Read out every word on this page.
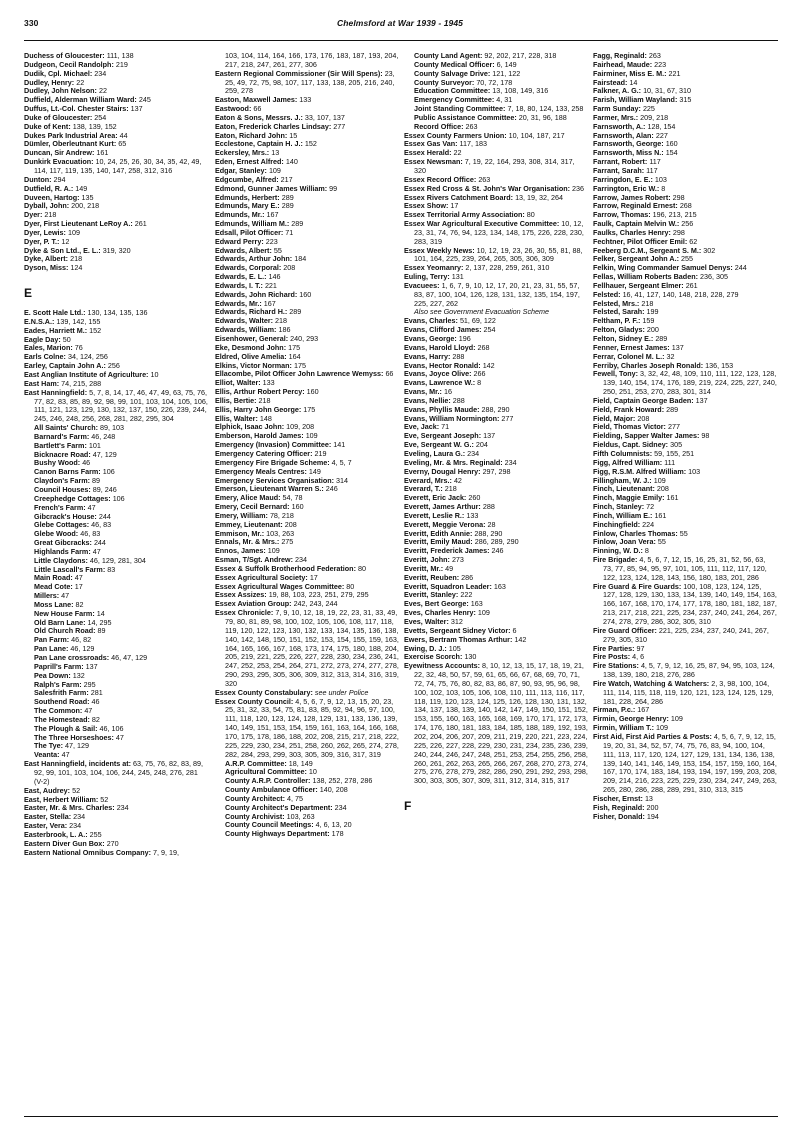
330	Chelmsford at War 1939 - 1945

Duchess of Gloucester: 111, 138

Dudgeon, Cecil Randolph: 219

Dudik, Cpl. Michael: 234

Dudley, Henry: 22

Dudley, John Nelson: 22

Duffield, Alderman William Ward: 245

Duffus, Lt.-Col. Chester Stairs: 137

Duke of Gloucester: 254

Duke of Kent: 138, 139, 152

Dukes Park Industrial Area: 44

Dümler, Oberleutnant Kurt: 65

Duncan, Sir Andrew: 161

Dunkirk Evacuation: 10, 24, 25, 26, 30, 34, 35, 42, 49, 114, 117, 119, 135, 140, 147, 258, 312, 316

Dunton: 294

Dutfield, R. A.: 149

Duveen, Hartog: 135

Dyball, John: 200, 218

Dyer: 218

Dyer, First Lieutenant LeRoy A.: 261

Dyer, Lewis: 109

Dyer, P. T.: 12

Dyke & Son Ltd., E. L.: 319, 320

Dyke, Albert: 218

Dyson, Miss: 124

E

E. Scott Hale Ltd.: 130, 134, 135, 136

E.N.S.A.: 139, 142, 155

Eades, Harriett M.: 152

Eagle Day: 50

Eales, Marion: 76

Earls Colne: 34, 124, 256

Earley, Captain John A.: 256

East Anglian Institute of Agriculture: 10

East Ham: 74, 215, 288

East Hanningfield: 5, 7, 8, 14, 17, 46, 47, 49, 63, 75, 76, 77, 82, 83, 85, 89, 92, 98, 99, 101, 103, 104, 105, 106, 111, 121, 123, 129, 130, 132, 137, 150, 226, 239, 244, 245, 246, 248, 256, 268, 281, 282, 295, 304

All Saints' Church: 89, 103

Barnard's Farm: 46, 248

Bartlett's Farm: 101

Bicknacre Road: 47, 129

Bushy Wood: 46

Canon Barns Farm: 106

Claydon's Farm: 89

Council Houses: 89, 246

Creephedge Cottages: 106

French's Farm: 47

Gibcrack's House: 244

Glebe Cottages: 46, 83

Glebe Wood: 46, 83

Great Gibcracks: 244

Highlands Farm: 47

Little Claydons: 46, 129, 281, 304

Little Lascall's Farm: 83

Main Road: 47

Mead Cote: 17

Millers: 47

Moss Lane: 82

New House Farm: 14

Old Barn Lane: 14, 295

Old Church Road: 89

Pan Farm: 46, 82

Pan Lane: 46, 129

Pan Lane crossroads: 46, 47, 129

Paprill's Farm: 137

Pea Down: 132

Ralph's Farm: 295

Salesfrith Farm: 281

Southend Road: 46

The Common: 47

The Homestead: 82

The Plough & Sail: 46, 106

The Three Horseshoes: 47

The Tye: 47, 129

Veanta: 47

East Hanningfield, incidents at: 63, 75, 76, 82, 83, 89, 92, 99, 101, 103, 104, 106, 244, 245, 248, 276, 281 (V-2)

East, Audrey: 52

East, Herbert William: 52

Easter, Mr. & Mrs. Charles: 234

Easter, Stella: 234

Easter, Vera: 234

Easterbrook, L. A.: 255

Eastern Diver Gun Box: 270

Eastern National Omnibus Company: 7, 9, 19,

103, 104, 114, 164, 166, 173, 176, 183, 187, 193, 204, 217, 218, 247, 261, 277, 306

Eastern Regional Commissioner (Sir Will Spens): 23, 25, 49, 72, 75, 98, 107, 117, 133, 138, 205, 216, 240, 259, 278

Easton, Maxwell James: 133

Eastwood: 66

Eaton & Sons, Messrs. J.: 33, 107, 137

Eaton, Frederick Charles Lindsay: 277

Eaton, Richard John: 15

Ecclestone, Captain H. J.: 152

Eckersley, Mrs.: 13

Eden, Ernest Alfred: 140

Edgar, Stanley: 109

Edgcumbe, Alfred: 217

Edmond, Gunner James William: 99

Edmunds, Herbert: 289

Edmunds, Mary E.: 289

Edmunds, Mr.: 167

Edmunds, William M.: 289

Edsall, Pilot Officer: 71

Edward Perry: 223

Edwards, Albert: 55

Edwards, Arthur John: 184

Edwards, Corporal: 208

Edwards, E. L.: 146

Edwards, I. T.: 221

Edwards, John Richard: 160

Edwards, Mr.: 167

Edwards, Richard H.: 289

Edwards, Walter: 218

Edwards, William: 186

Eisenhower, General: 240, 293

Eke, Desmond John: 175

Eldred, Olive Amelia: 164

Elkins, Victor Norman: 175

Ellacombe, Pilot Officer John Lawrence Wemyss: 66

Elliot, Walter: 133

Ellis, Arthur Robert Percy: 160

Ellis, Bertie: 218

Ellis, Harry John George: 175

Ellis, Walter: 148

Elphick, Isaac John: 109, 208

Emberson, Harold James: 109

Emergency (Invasion) Committee: 141

Emergency Catering Officer: 219

Emergency Fire Brigade Scheme: 4, 5, 7

Emergency Meals Centres: 149

Emergency Services Organisation: 314

Emerson, Lieutenant Warren S.: 246

Emery, Alice Maud: 54, 78

Emery, Cecil Bernard: 160

Emery, William: 78, 218

Emmey, Lieutenant: 208

Emmison, Mr.: 103, 263

Ennals, Mr. & Mrs.: 275

Ennos, James: 109

Esman, T/Sgt. Andrew: 234

Essex & Suffolk Brotherhood Federation: 80

Essex Agricultural Society: 17

Essex Agricultural Wages Committee: 80

Essex Assizes: 19, 88, 103, 223, 251, 279, 295

Essex Aviation Group: 242, 243, 244

Essex Chronicle: 7, 9, 10, 12, 18, 19, 22, 23, 31, 33, 49, 79, 80, 81, 89, 98, 100, 102, 105, 106, 108, 117, 118, 119, 120, 122, 123, 130, 132, 133, 134, 135, 136, 138, 140, 142, 148, 150, 151, 152, 153, 154, 155, 159, 163, 164, 165, 166, 167, 168, 173, 174, 175, 180, 188, 204, 205, 219, 221, 225, 226, 227, 228, 230, 234, 236, 241, 247, 252, 253, 254, 264, 271, 272, 273, 274, 277, 278, 290, 293, 295, 305, 306, 309, 312, 313, 314, 316, 319, 320

Essex County Constabulary: see under Police

Essex County Council: 4, 5, 6, 7, 9, 12, 13, 15, 20, 23, 25, 31, 32, 33, 54, 75, 81, 83, 85, 92, 94, 96, 97, 100, 111, 118, 120, 123, 124, 128, 129, 131, 133, 136, 139, 140, 149, 151, 153, 154, 159, 161, 163, 164, 166, 168, 170, 175, 178, 186, 188, 202, 208, 215, 217, 218, 222, 225, 229, 230, 234, 251, 258, 260, 262, 265, 274, 278, 282, 284, 293, 299, 303, 305, 309, 316, 317, 319

A.R.P. Committee: 18, 149

Agricultural Committee: 10

County A.R.P. Controller: 138, 252, 278, 286

County Ambulance Officer: 140, 208

County Architect: 4, 75

County Architect's Department: 234

County Archivist: 103, 263

County Council Meetings: 4, 6, 13, 20

County Highways Department: 178

County Land Agent: 92, 202, 217, 228, 318

County Medical Officer: 6, 149

County Salvage Drive: 121, 122

County Surveyor: 70, 72, 178

Education Committee: 13, 108, 149, 316

Emergency Committee: 4, 31

Joint Standing Committee: 7, 18, 80, 124, 133, 258

Public Assistance Committee: 20, 31, 96, 188

Record Office: 263

Essex County Farmers Union: 10, 104, 187, 217

Essex Gas Van: 117, 183

Essex Herald: 22

Essex Newsman: 7, 19, 22, 164, 293, 308, 314, 317, 320

Essex Record Office: 263

Essex Red Cross & St. John's War Organisation: 236

Essex Rivers Catchment Board: 13, 19, 32, 264

Essex Show: 17

Essex Territorial Army Association: 80

Essex War Agricultural Executive Committee: 10, 12, 23, 31, 74, 76, 94, 123, 134, 148, 175, 226, 228, 230, 283, 319

Essex Weekly News: 10, 12, 19, 23, 26, 30, 55, 81, 88, 101, 164, 225, 239, 264, 265, 305, 306, 309

Essex Yeomanry: 2, 137, 228, 259, 261, 310

Euling, Terry: 131

Evacuees: 1, 6, 7, 9, 10, 12, 17, 20, 21, 23, 31, 55, 57, 83, 87, 100, 104, 126, 128, 131, 132, 135, 154, 197, 225, 227, 262

Also see Government Evacuation Scheme

Evans, Charles: 51, 69, 122

Evans, Clifford James: 254

Evans, George: 196

Evans, Harold Lloyd: 268

Evans, Harry: 288

Evans, Hector Ronald: 142

Evans, Joyce Olive: 266

Evans, Lawrence W.: 8

Evans, Mr.: 16

Evans, Nellie: 288

Evans, Phyllis Maude: 288, 290

Evans, William Normington: 277

Eve, Jack: 71

Eve, Sergeant Joseph: 137

Eve, Sergeant W. G.: 204

Eveling, Laura G.: 234

Eveling, Mr. & Mrs. Reginald: 234

Everny, Dougal Henry: 297, 298

Everard, Mrs.: 42

Everard, T.: 218

Everett, Eric Jack: 260

Everett, James Arthur: 288

Everett, Leslie R.: 133

Everett, Meggie Verona: 28

Everitt, Edith Annie: 288, 290

Everitt, Emily Maud: 286, 289, 290

Everitt, Frederick James: 246

Everitt, John: 273

Everitt, Mr.: 49

Everitt, Reuben: 286

Everitt, Squadron Leader: 163

Everitt, Stanley: 222

Eves, Bert George: 163

Eves, Charles Henry: 109

Eves, Walter: 312

Evetts, Sergeant Sidney Victor: 6

Ewers, Bertram Thomas Arthur: 142

Ewing, D. J.: 105

Exercise Scorch: 130

Eyewitness Accounts: 8, 10, 12, 13, 15, 17, 18, 19, 21, 22, 32, 48, 50, 57, 59, 61, 65, 66, 67, 68, 69, 70, 71, 72, 74, 75, 76, 80, 82, 83, 86, 87, 90, 93, 95, 96, 98, 100, 102, 103, 105, 106, 108, 110, 111, 113, 116, 117, 118, 119, 120, 123, 124, 125, 126, 128, 130, 131, 132, 134, 137, 138, 139, 140, 142, 147, 149, 150, 151, 152, 153, 155, 160, 163, 165, 168, 169, 170, 171, 172, 173, 174, 176, 180, 181, 183, 184, 185, 188, 189, 192, 193, 202, 204, 206, 207, 209, 211, 219, 220, 221, 223, 224, 225, 226, 227, 228, 229, 230, 231, 234, 235, 236, 239, 240, 244, 246, 247, 248, 251, 253, 254, 255, 256, 258, 260, 261, 262, 263, 265, 266, 267, 268, 270, 273, 274, 275, 276, 278, 279, 282, 286, 290, 291, 292, 293, 298, 300, 303, 305, 307, 309, 311, 312, 314, 315, 317

F

Fagg, Reginald: 263

Fairhead, Maude: 223

Fairminer, Miss E. M.: 221

Fairstead: 14

Falkner, A. G.: 10, 31, 67, 310

Farish, William Wayland: 315

Farm Sunday: 225

Farmer, Mrs.: 209, 218

Farnsworth, A.: 128, 154

Farnsworth, Alan: 227

Farnsworth, George: 160

Farnsworth, Miss N.: 154

Farrant, Robert: 117

Farrant, Sarah: 117

Farringdon, E. E.: 103

Farrington, Eric W.: 8

Farrow, James Robert: 298

Farrow, Reginald Ernest: 268

Farrow, Thomas: 196, 213, 215

Faulk, Captain Melvin W.: 256

Faulks, Charles Henry: 298

Fechtner, Pilot Officer Emil: 62

Feeberg D.C.M., Sergeant S. M.: 302

Felker, Sergeant John A.: 255

Felkin, Wing Commander Samuel Denys: 244

Fellas, William Roberts Baden: 236, 305

Fellhauer, Sergeant Elmer: 261

Felsted: 16, 41, 127, 140, 148, 218, 228, 279

Felsted, Mrs.: 218

Felsted, Sarah: 199

Feltham, P. F.: 159

Felton, Gladys: 200

Felton, Sidney E.: 289

Fenner, Ernest James: 137

Ferrar, Colonel M. L.: 32

Ferriby, Charles Joseph Ronald: 136, 153

Fewell, Tony: 3, 32, 42, 48, 109, 110, 111, 122, 123, 128, 139, 140, 154, 174, 176, 189, 219, 224, 225, 227, 240, 250, 251, 253, 270, 283, 301, 314

Field, Captain George Baden: 137

Field, Frank Howard: 289

Field, Major: 208

Field, Thomas Victor: 277

Fielding, Sapper Walter James: 98

Fieldus, Capt. Sidney: 305

Fifth Columnists: 59, 155, 251

Figg, Alfred William: 111

Figg, R.S.M. Alfred William: 103

Fillingham, W. J.: 109

Finch, Lieutenant: 208

Finch, Maggie Emily: 161

Finch, Stanley: 72

Finch, William E.: 161

Finchingfield: 224

Finlow, Charles Thomas: 55

Finlow, Joan Vera: 55

Finning, W. D.: 8

Fire Brigade: 4, 5, 6, 7, 12, 15, 16, 25, 31, 52, 56, 63, 73, 77, 85, 94, 95, 97, 101, 105, 111, 112, 117, 120, 122, 123, 124, 128, 143, 156, 180, 183, 201, 286

Fire Guard & Fire Guards: 100, 108, 123, 124, 125, 127, 128, 129, 130, 133, 134, 139, 140, 149, 154, 163, 166, 167, 168, 170, 174, 177, 178, 180, 181, 182, 187, 213, 217, 218, 221, 225, 234, 237, 240, 241, 264, 267, 274, 278, 279, 286, 302, 305, 310

Fire Guard Officer: 221, 225, 234, 237, 240, 241, 267, 279, 305, 310

Fire Parties: 97

Fire Posts: 4, 6

Fire Stations: 4, 5, 7, 9, 12, 16, 25, 87, 94, 95, 103, 124, 138, 139, 180, 218, 276, 286

Fire Watch, Watching & Watchers: 2, 3, 98, 100, 104, 111, 114, 115, 118, 119, 120, 121, 123, 124, 125, 129, 181, 228, 264, 286

Firman, P.c.: 167

Firmin, George Henry: 109

Firmin, William T.: 109

First Aid, First Aid Parties & Posts: 4, 5, 6, 7, 9, 12, 15, 19, 20, 31, 34, 52, 57, 74, 75, 76, 83, 94, 100, 104, 111, 113, 117, 120, 124, 127, 129, 131, 134, 136, 138, 139, 140, 141, 146, 149, 153, 154, 157, 159, 160, 164, 167, 170, 174, 183, 184, 193, 194, 197, 199, 203, 208, 209, 214, 216, 223, 225, 229, 230, 234, 247, 249, 263, 265, 280, 286, 288, 289, 291, 310, 313, 315

Fischer, Ernst: 13

Fish, Reginald: 200

Fisher, Donald: 194
